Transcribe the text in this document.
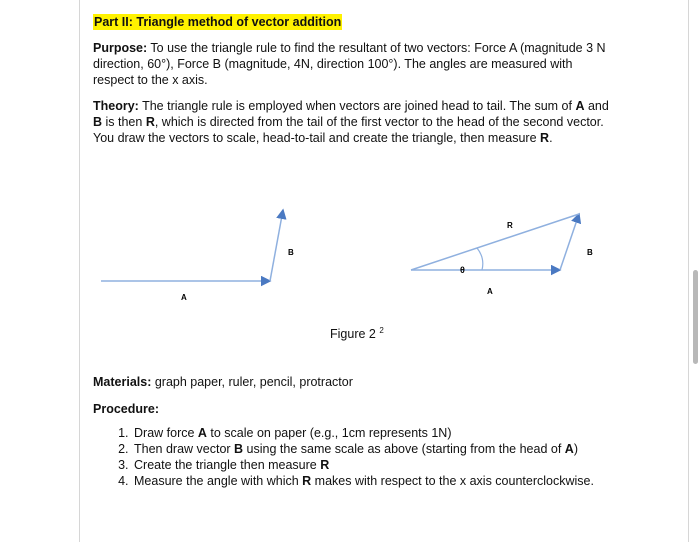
Part II: Triangle method of vector addition

Purpose: To use the triangle rule to find the resultant of two vectors: Force A (magnitude 3 N direction, 60°), Force B (magnitude, 4N, direction 100°). The angles are measured with respect to the x axis.

Theory: The triangle rule is employed when vectors are joined head to tail. The sum of A and B is then R, which is directed from the tail of the first vector to the head of the second vector. You draw the vectors to scale, head-to-tail and create the triangle, then measure R.

A
B
R
B
A
θ
Figure 2 $^2$
Materials: graph paper, ruler, pencil, protractor
Procedure:
1. Draw force A to scale on paper (e.g., 1cm represents 1N)
2. Then draw vector B using the same scale as above (starting from the head of A)
3. Create the triangle then measure R
4. Measure the angle with which R makes with respect to the x axis counterclockwise.
